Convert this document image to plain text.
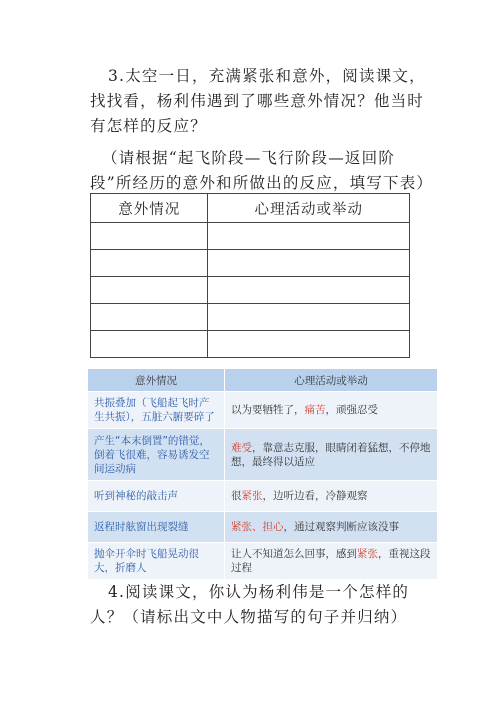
3.太空一日，充满紧张和意外，阅读课文，找找看，杨利伟遇到了哪些意外情况？他当时有怎样的反应？
（请根据“起飞阶段—飞行阶段—返回阶段”所经历的意外和所做出的反应，填写下表）
意外情况	心理活动或举动

意外情况	心理活动或举动
共振叠加（飞船起飞时产生共振），五脏六腑要碎了	以为要牺牲了，痛苦，顽强忍受
产生“本末倒置”的错觉，倒着飞很难，容易诱发空间运动病	难受，靠意志克服，眼睛闭着猛想，不停地想，最终得以适应
听到神秘的敲击声	很紧张，边听边看，冷静观察
返程时舷窗出现裂缝	紧张、担心，通过观察判断应该没事
抛伞开伞时飞船晃动很大，折磨人	让人不知道怎么回事，感到紧张，重视这段过程
4.阅读课文，你认为杨利伟是一个怎样的人？（请标出文中人物描写的句子并归纳）
